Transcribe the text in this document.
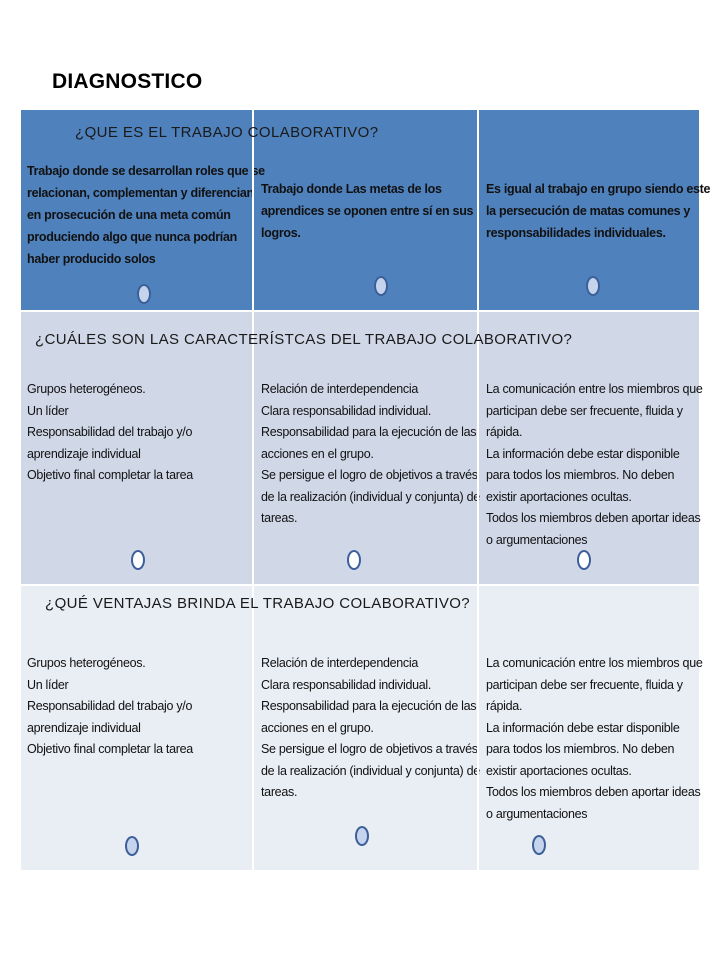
DIAGNOSTICO
¿QUE ES EL TRABAJO COLABORATIVO?
¿CUÁLES SON LAS CARACTERÍSTCAS DEL TRABAJO COLABORATIVO?
¿QUÉ VENTAJAS BRINDA EL TRABAJO COLABORATIVO?
Trabajo donde se desarrollan roles que se
relacionan, complementan y diferencian
en prosecución de una meta común
produciendo algo que nunca podrían
haber producido solos
Trabajo donde Las metas de los
aprendices se oponen entre sí en sus
logros.
Es igual al trabajo en grupo siendo este
la persecución de matas comunes y
responsabilidades individuales.
Grupos heterogéneos.
Un líder
Responsabilidad del trabajo y/o
aprendizaje individual
Objetivo final completar la tarea
Relación de interdependencia
Clara responsabilidad individual.
Responsabilidad para la ejecución de las
acciones en el grupo.
Se persigue el logro de objetivos a través
de la realización (individual y conjunta) de
tareas.
La comunicación entre los miembros que
participan debe ser frecuente, fluida y
rápida.
La información debe estar disponible
para todos los miembros. No deben
existir aportaciones ocultas.
Todos los miembros deben aportar ideas
o argumentaciones
Grupos heterogéneos.
Un líder
Responsabilidad del trabajo y/o
aprendizaje individual
Objetivo final completar la tarea
Relación de interdependencia
Clara responsabilidad individual.
Responsabilidad para la ejecución de las
acciones en el grupo.
Se persigue el logro de objetivos a través
de la realización (individual y conjunta) de
tareas.
La comunicación entre los miembros que
participan debe ser frecuente, fluida y
rápida.
La información debe estar disponible
para todos los miembros. No deben
existir aportaciones ocultas.
Todos los miembros deben aportar ideas
o argumentaciones
